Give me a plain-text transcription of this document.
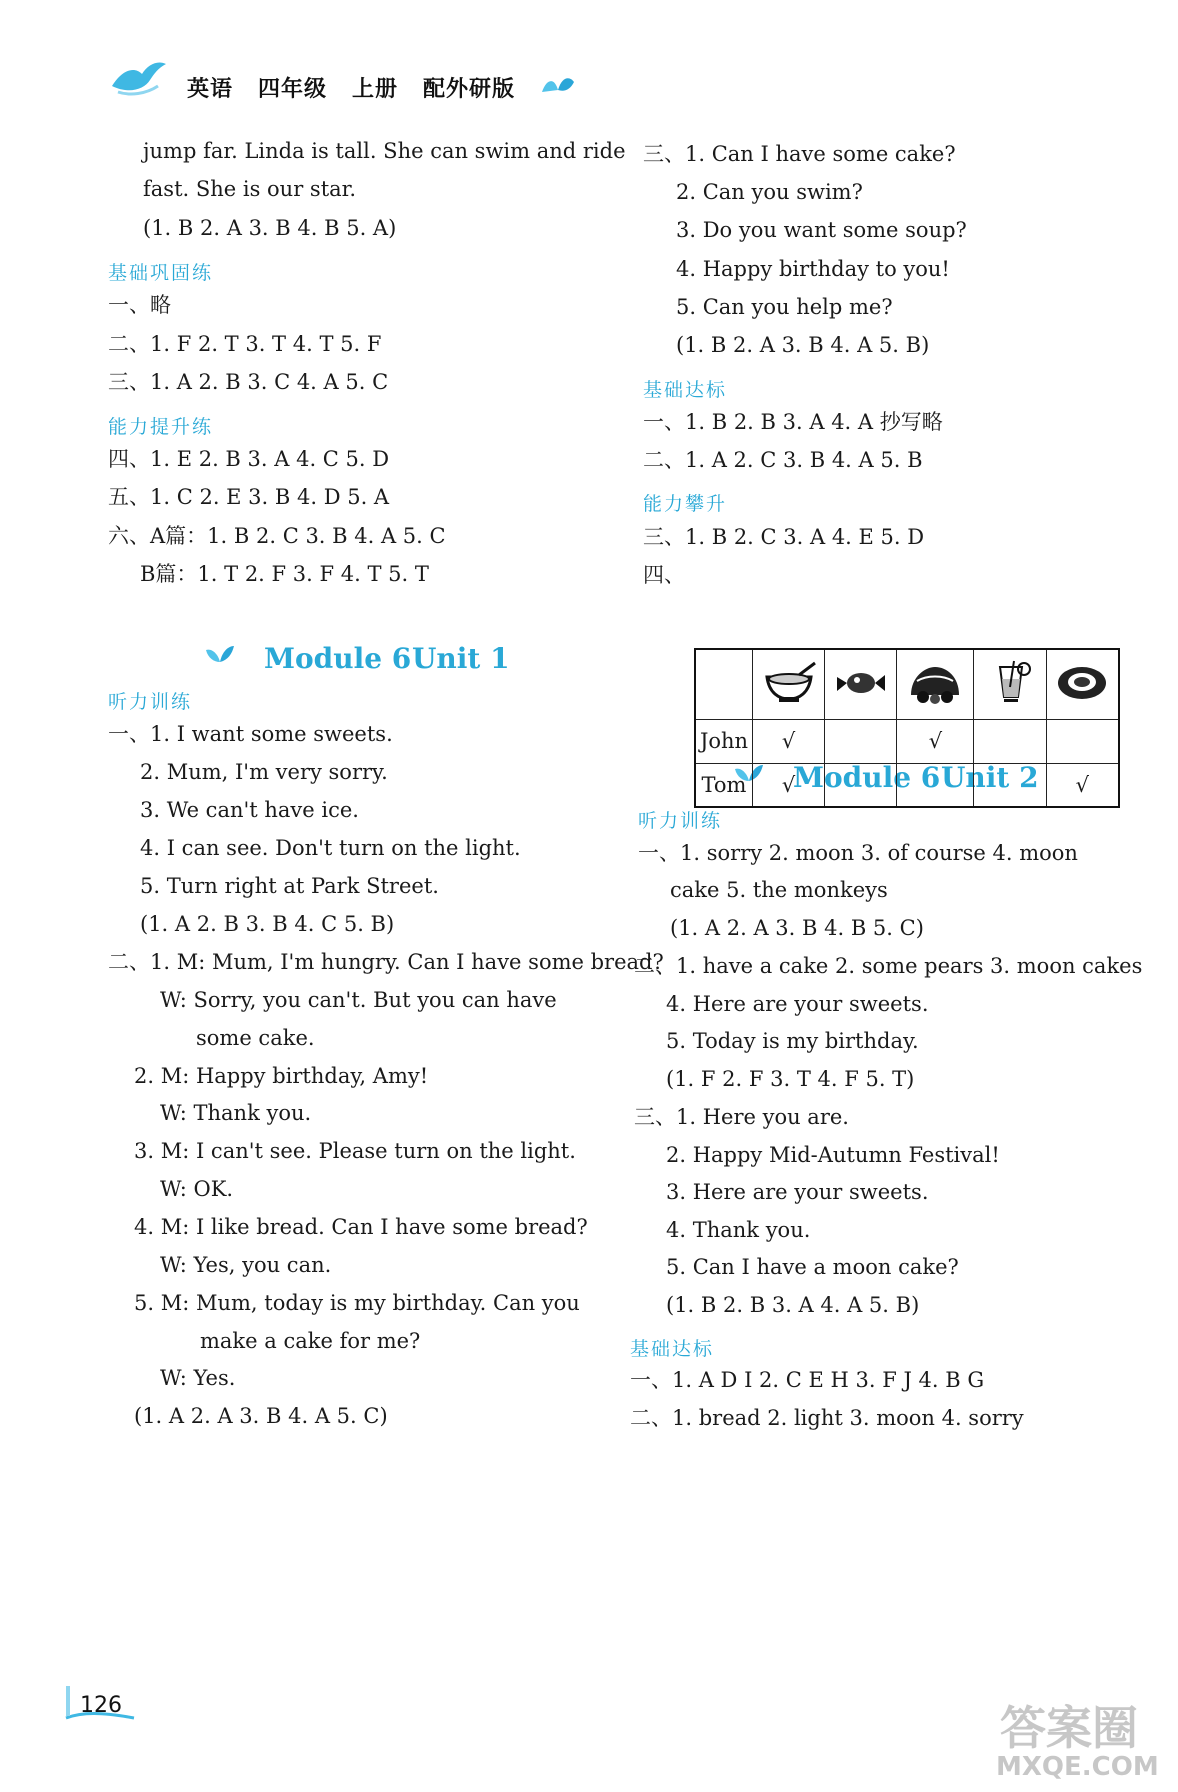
英语 四年级 上册 配外研版
jump far. Linda is tall. She can swim and ride
fast. She is our star.
(1. B 2. A 3. B 4. B 5. A)
基础巩固练
一、略
二、1. F 2. T 3. T 4. T 5. F
三、1. A 2. B 3. C 4. A 5. C
能力提升练
四、1. E 2. B 3. A 4. C 5. D
五、1. C 2. E 3. B 4. D 5. A
六、A篇：1. B 2. C 3. B 4. A 5. C
B篇：1. T 2. F 3. F 4. T 5. T
听力训练
一、1. I want some sweets.
2. Mum, I'm very sorry.
3. We can't have ice.
4. I can see. Don't turn on the light.
5. Turn right at Park Street.
(1. A 2. B 3. B 4. C 5. B)
二、1. M: Mum, I'm hungry. Can I have some bread?
W: Sorry, you can't. But you can have
some cake.
2. M: Happy birthday, Amy!
W: Thank you.
3. M: I can't see. Please turn on the light.
W: OK.
4. M: I like bread. Can I have some bread?
W: Yes, you can.
5. M: Mum, today is my birthday. Can you
make a cake for me?
W: Yes.
(1. A 2. A 3. B 4. A 5. C)
三、1. Can I have some cake?
2. Can you swim?
3. Do you want some soup?
4. Happy birthday to you!
5. Can you help me?
(1. B 2. A 3. B 4. A 5. B)
基础达标
一、1. B 2. B 3. A 4. A 抄写略
二、1. A 2. C 3. B 4. A 5. B
能力攀升
三、1. B 2. C 3. A 4. E 5. D
四、
听力训练
一、1. sorry 2. moon 3. of course 4. moon
cake 5. the monkeys
(1. A 2. A 3. B 4. B 5. C)
二、1. have a cake 2. some pears 3. moon cakes
4. Here are your sweets.
5. Today is my birthday.
(1. F 2. F 3. T 4. F 5. T)
三、1. Here you are.
2. Happy Mid-Autumn Festival!
3. Here are your sweets.
4. Thank you.
5. Can I have a moon cake?
(1. B 2. B 3. A 4. A 5. B)
基础达标
一、1. A D I 2. C E H 3. F J 4. B G
二、1. bread 2. light 3. moon 4. sorry
Module 6 Unit 1
Module 6 Unit 2

John	√		√		
Tom	√				√
126	答案圈
MXQE.COM
